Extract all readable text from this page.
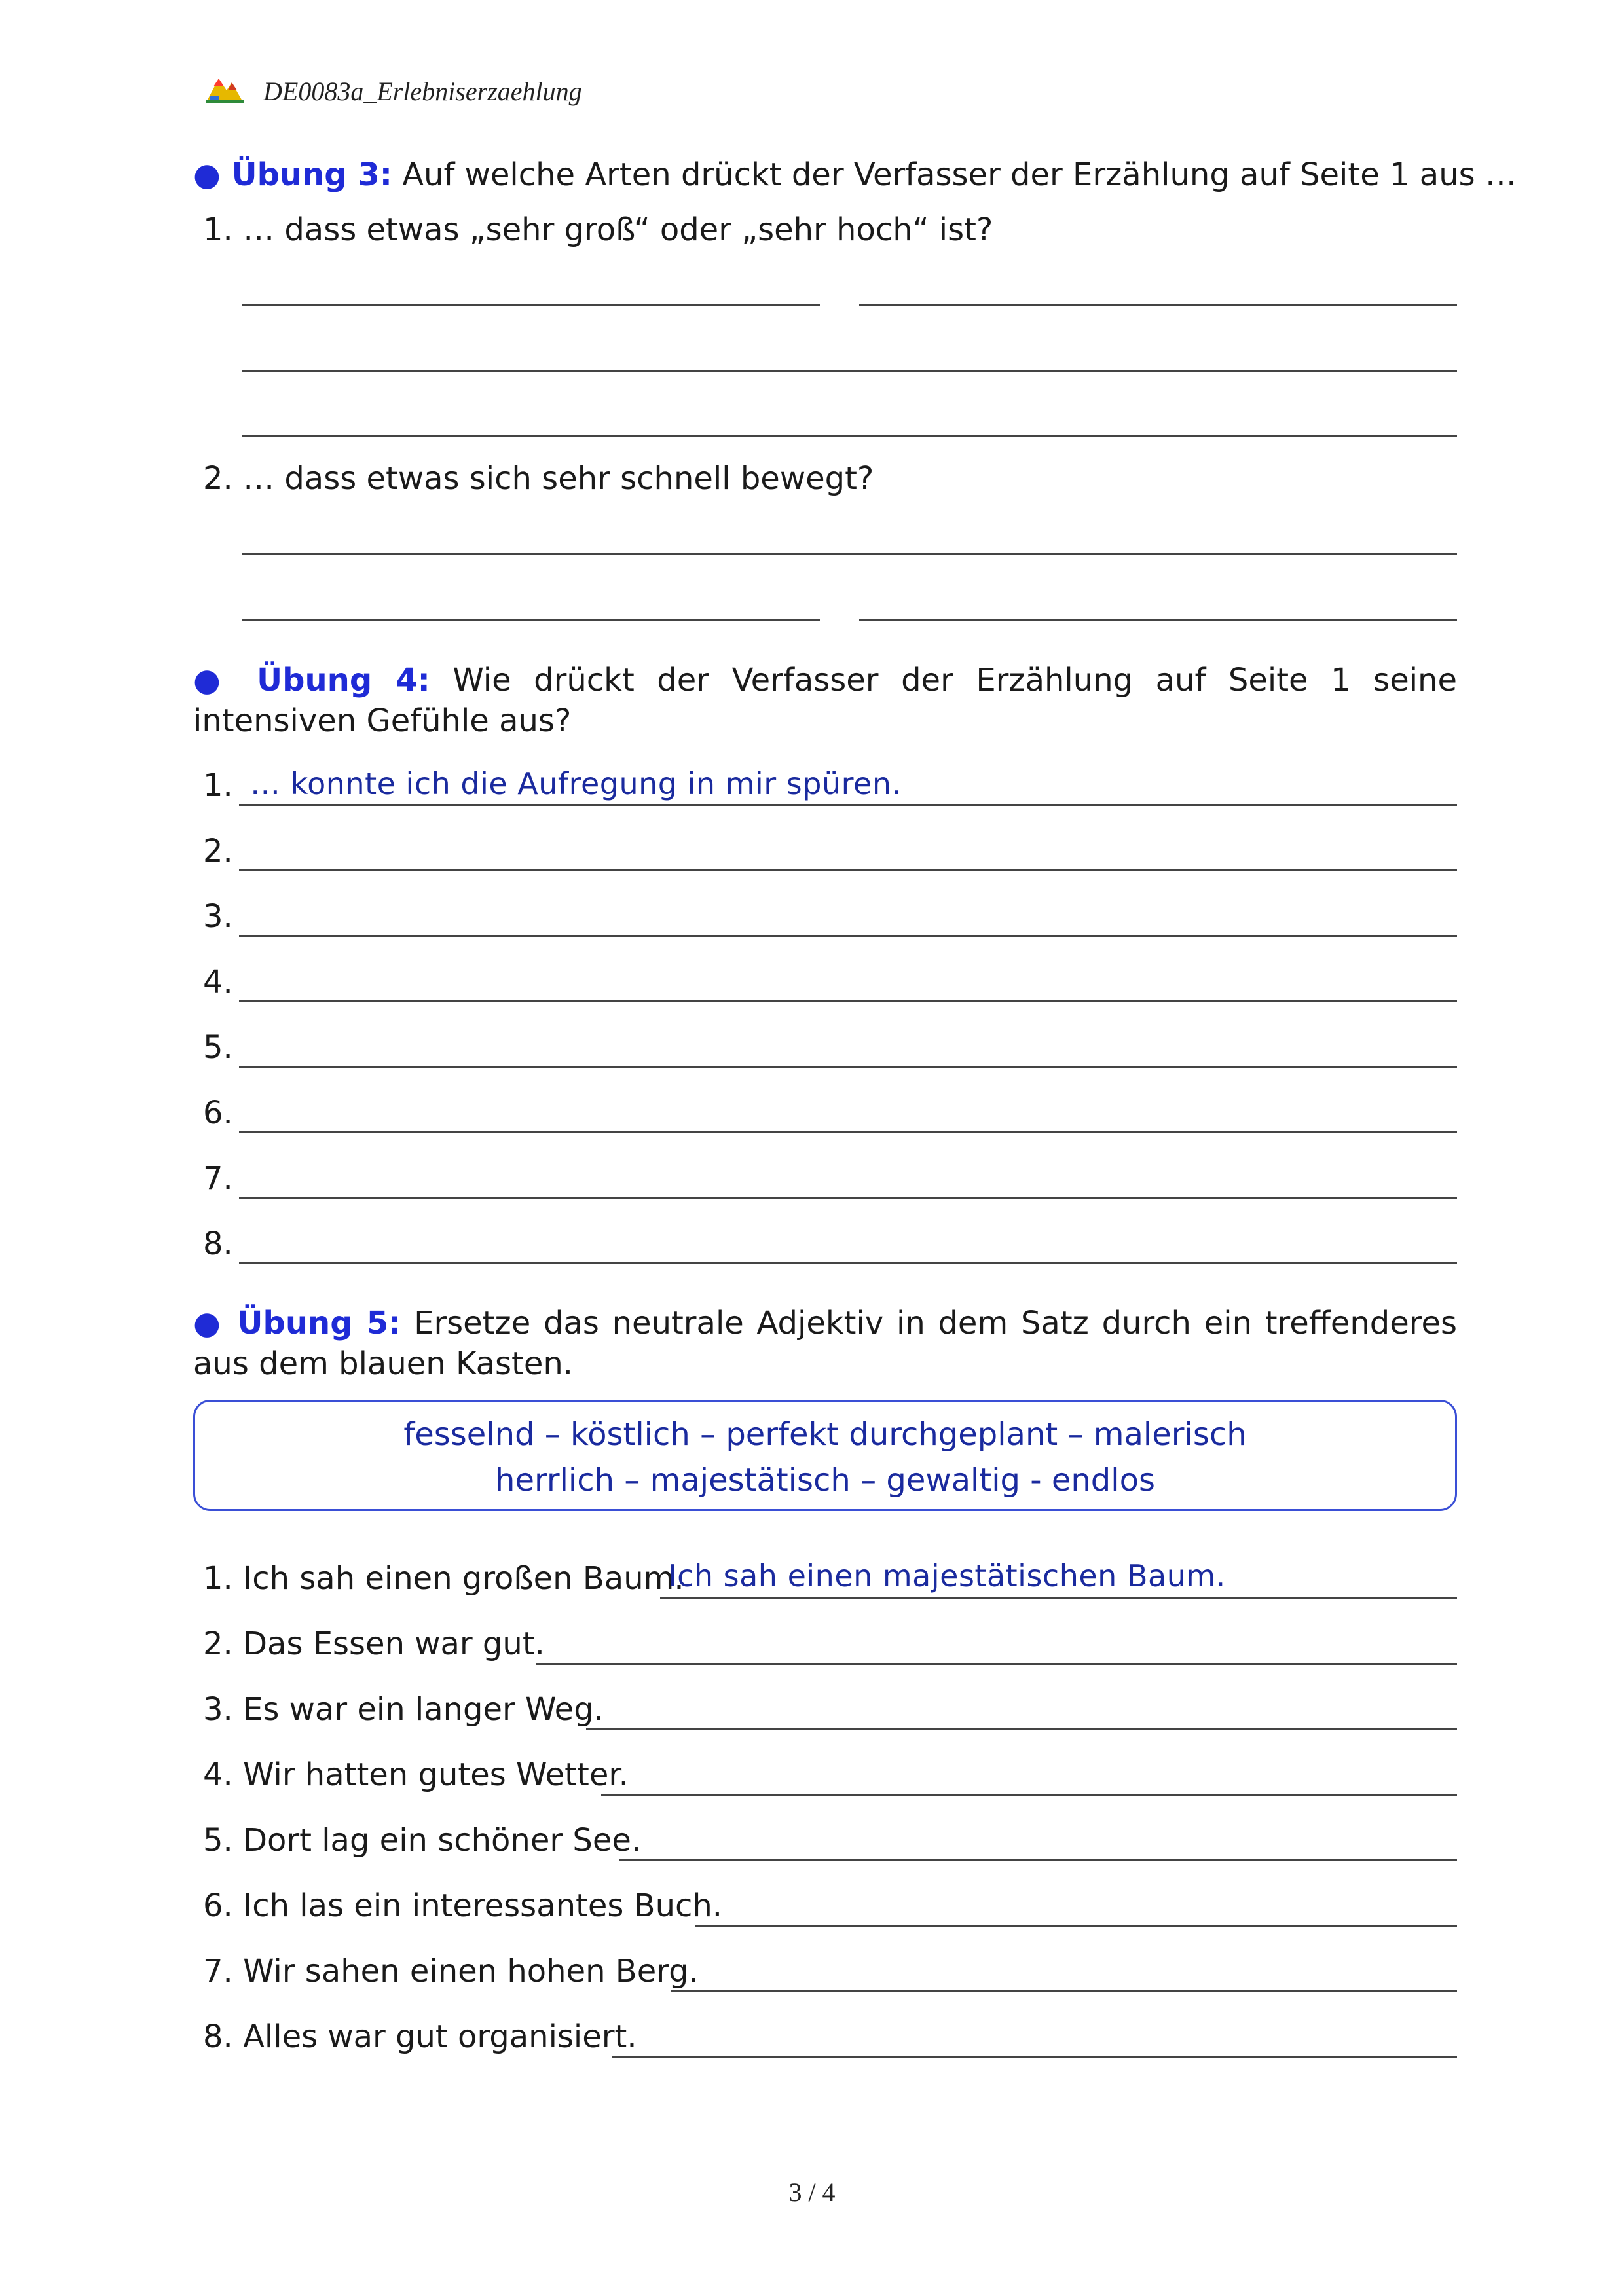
DE0083a_Erlebniserzaehlung
● Übung 3: Auf welche Arten drückt der Verfasser der Erzählung auf Seite 1 aus …
1. … dass etwas „sehr groß“ oder „sehr hoch“ ist?
2. … dass etwas sich sehr schnell bewegt?
● Übung 4: Wie drückt der Verfasser der Erzählung auf Seite 1 seine intensiven Gefühle aus?
1. … konnte ich die Aufregung in mir spüren.
2.
3.
4.
5.
6.
7.
8.
● Übung 5: Ersetze das neutrale Adjektiv in dem Satz durch ein treffenderes aus dem blauen Kasten.
fesselnd – köstlich – perfekt durchgeplant – malerisch
herrlich – majestätisch – gewaltig - endlos
1. Ich sah einen großen Baum.
Ich sah einen majestätischen Baum.
2. Das Essen war gut.
3. Es war ein langer Weg.
4. Wir hatten gutes Wetter.
5. Dort lag ein schöner See.
6. Ich las ein interessantes Buch.
7. Wir sahen einen hohen Berg.
8. Alles war gut organisiert.
3 / 4
